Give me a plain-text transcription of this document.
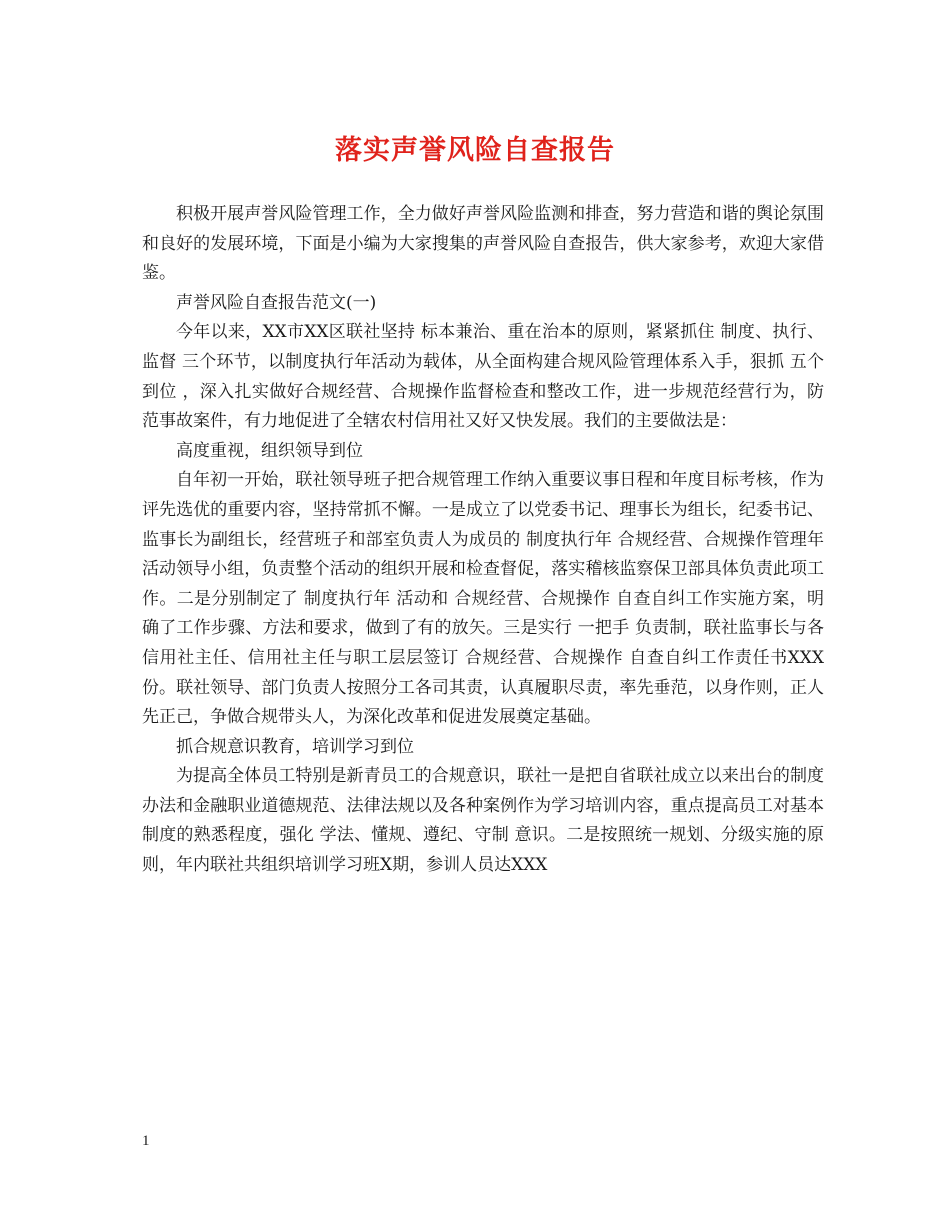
落实声誉风险自查报告

积极开展声誉风险管理工作，全力做好声誉风险监测和排查，努力营造和谐的舆论氛围和良好的发展环境，下面是小编为大家搜集的声誉风险自查报告，供大家参考，欢迎大家借鉴。

声誉风险自查报告范文(一)

今年以来，XX市XX区联社坚持 标本兼治、重在治本的原则，紧紧抓住 制度、执行、监督 三个环节，以制度执行年活动为载体，从全面构建合规风险管理体系入手，狠抓 五个到位 ，深入扎实做好合规经营、合规操作监督检查和整改工作，进一步规范经营行为，防范事故案件，有力地促进了全辖农村信用社又好又快发展。我们的主要做法是：

高度重视，组织领导到位

自年初一开始，联社领导班子把合规管理工作纳入重要议事日程和年度目标考核，作为评先选优的重要内容，坚持常抓不懈。一是成立了以党委书记、理事长为组长，纪委书记、监事长为副组长，经营班子和部室负责人为成员的 制度执行年 合规经营、合规操作管理年 活动领导小组，负责整个活动的组织开展和检查督促，落实稽核监察保卫部具体负责此项工作。二是分别制定了 制度执行年 活动和 合规经营、合规操作 自查自纠工作实施方案，明确了工作步骤、方法和要求，做到了有的放矢。三是实行 一把手 负责制，联社监事长与各信用社主任、信用社主任与职工层层签订 合规经营、合规操作 自查自纠工作责任书XXX份。联社领导、部门负责人按照分工各司其责，认真履职尽责，率先垂范，以身作则，正人先正己，争做合规带头人，为深化改革和促进发展奠定基础。

抓合规意识教育，培训学习到位

为提高全体员工特别是新青员工的合规意识，联社一是把自省联社成立以来出台的制度办法和金融职业道德规范、法律法规以及各种案例作为学习培训内容，重点提高员工对基本制度的熟悉程度，强化 学法、懂规、遵纪、守制 意识。二是按照统一规划、分级实施的原则，年内联社共组织培训学习班X期，参训人员达XXX

1
